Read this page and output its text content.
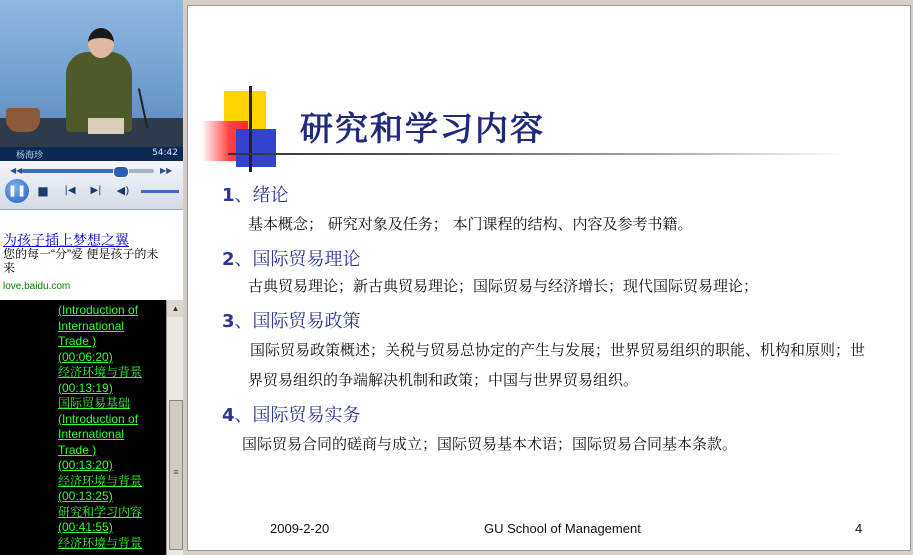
杨海珍	54:42
◀◀	▶▶
❚❚ ■	|◀	▶|	◀)
为孩子插上梦想之翼
您的每一“分”爱 便是孩子的未来
love.baidu.com
(Introduction of
International
Trade )
(00:06:20)
经济环境与背景
(00:13:19)
国际贸易基础
(Introduction of
International
Trade )
(00:13:20)
经济环境与背景
(00:13:25)
研究和学习内容
(00:41:55)
经济环境与背景
▲
≡
研究和学习内容
1、绪论
基本概念； 研究对象及任务； 本门课程的结构、内容及参考书籍。
2、国际贸易理论
古典贸易理论；新古典贸易理论；国际贸易与经济增长；现代国际贸易理论；
3、国际贸易政策
国际贸易政策概述；关税与贸易总协定的产生与发展；世界贸易组织的职能、机构和原则；世界贸易组织的争端解决机制和政策；中国与世界贸易组织。
4、国际贸易实务
国际贸易合同的磋商与成立；国际贸易基本术语；国际贸易合同基本条款。
2009-2-20	GU School of Management	4
